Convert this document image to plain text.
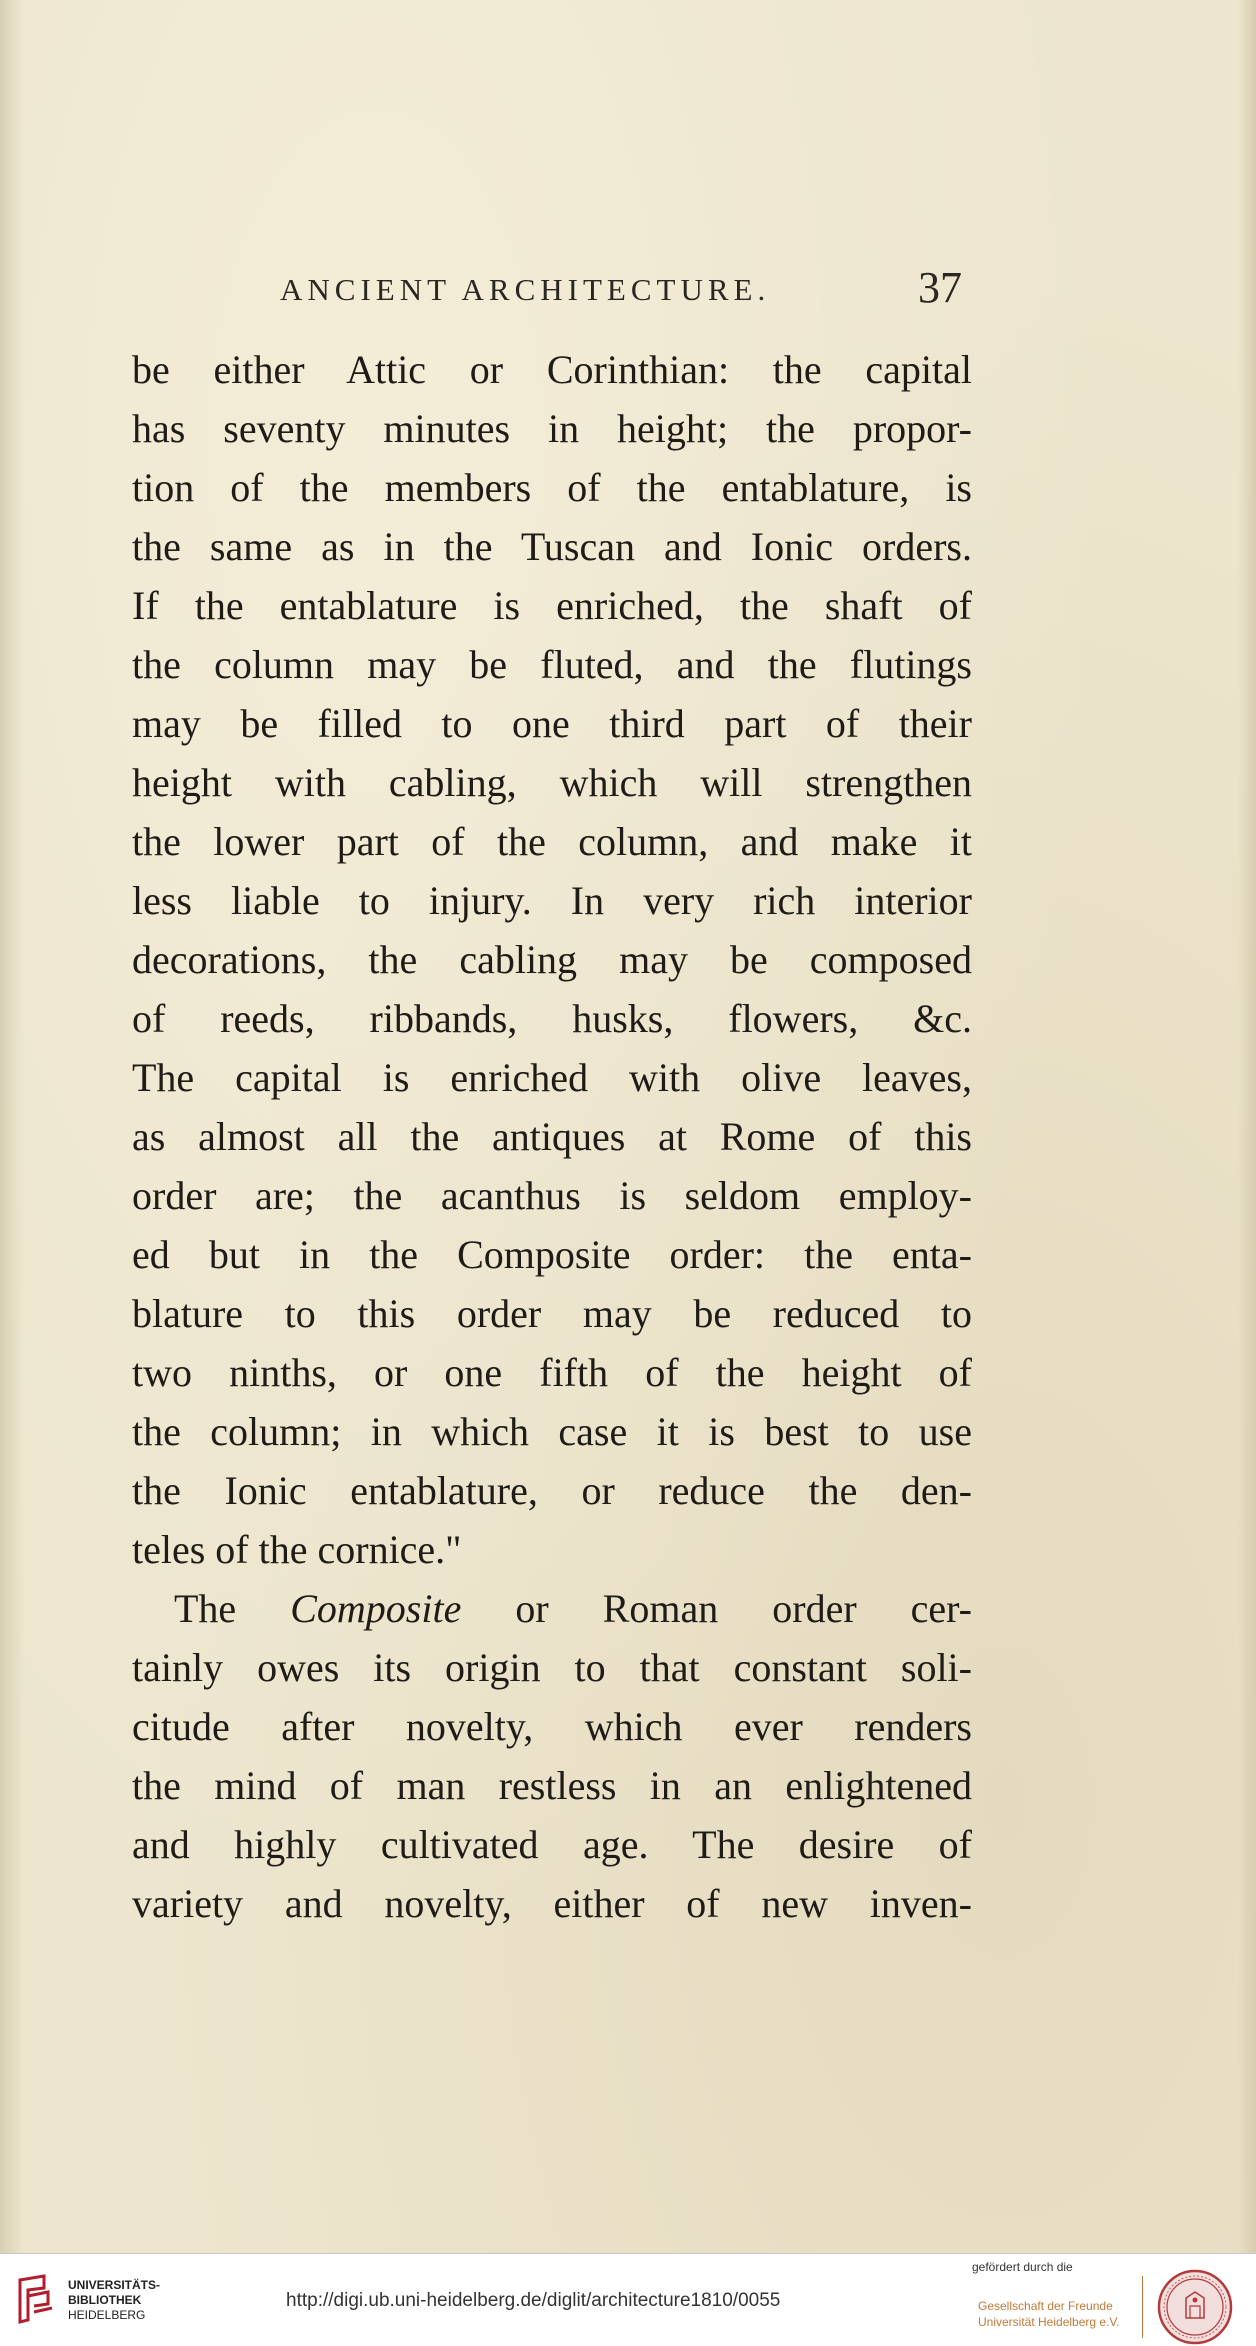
ANCIENT ARCHITECTURE.	37
be either Attic or Corinthian: the capital
has seventy minutes in height; the propor-
tion of the members of the entablature, is
the same as in the Tuscan and Ionic orders.
If the entablature is enriched, the shaft of
the column may be fluted, and the flutings
may be filled to one third part of their
height with cabling, which will strengthen
the lower part of the column, and make it
less liable to injury. In very rich interior
decorations, the cabling may be composed
of reeds, ribbands, husks, flowers, &c.
The capital is enriched with olive leaves,
as almost all the antiques at Rome of this
order are; the acanthus is seldom employ-
ed but in the Composite order: the enta-
blature to this order may be reduced to
two ninths, or one fifth of the height of
the column; in which case it is best to use
the Ionic entablature, or reduce the den-
teles of the cornice."
The Composite or Roman order cer-
tainly owes its origin to that constant soli-
citude after novelty, which ever renders
the mind of man restless in an enlightened
and highly cultivated age. The desire of
variety and novelty, either of new inven-
UNIVERSITÄTS-
BIBLIOTHEK
HEIDELBERG
http://digi.ub.uni-heidelberg.de/diglit/architecture1810/0055
gefördert durch die
Gesellschaft der Freunde
Universität Heidelberg e.V.
